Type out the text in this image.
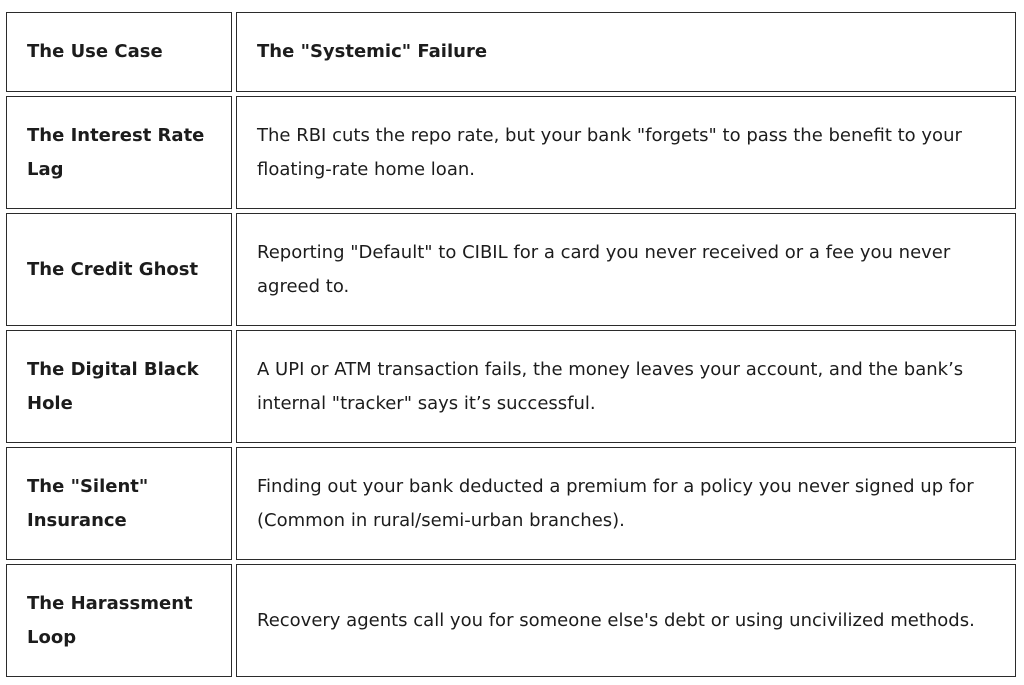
The Use Case	The "Systemic" Failure
The Interest Rate Lag
The RBI cuts the repo rate, but your bank "forgets" to pass the benefit to your floating-rate home loan.
The Credit Ghost
Reporting "Default" to CIBIL for a card you never received or a fee you never agreed to.
The Digital Black Hole
A UPI or ATM transaction fails, the money leaves your account, and the bank’s internal "tracker" says it’s successful.
The "Silent" Insurance
Finding out your bank deducted a premium for a policy you never signed up for (Common in rural/semi-urban branches).
The Harassment Loop
Recovery agents call you for someone else's debt or using uncivilized methods.
